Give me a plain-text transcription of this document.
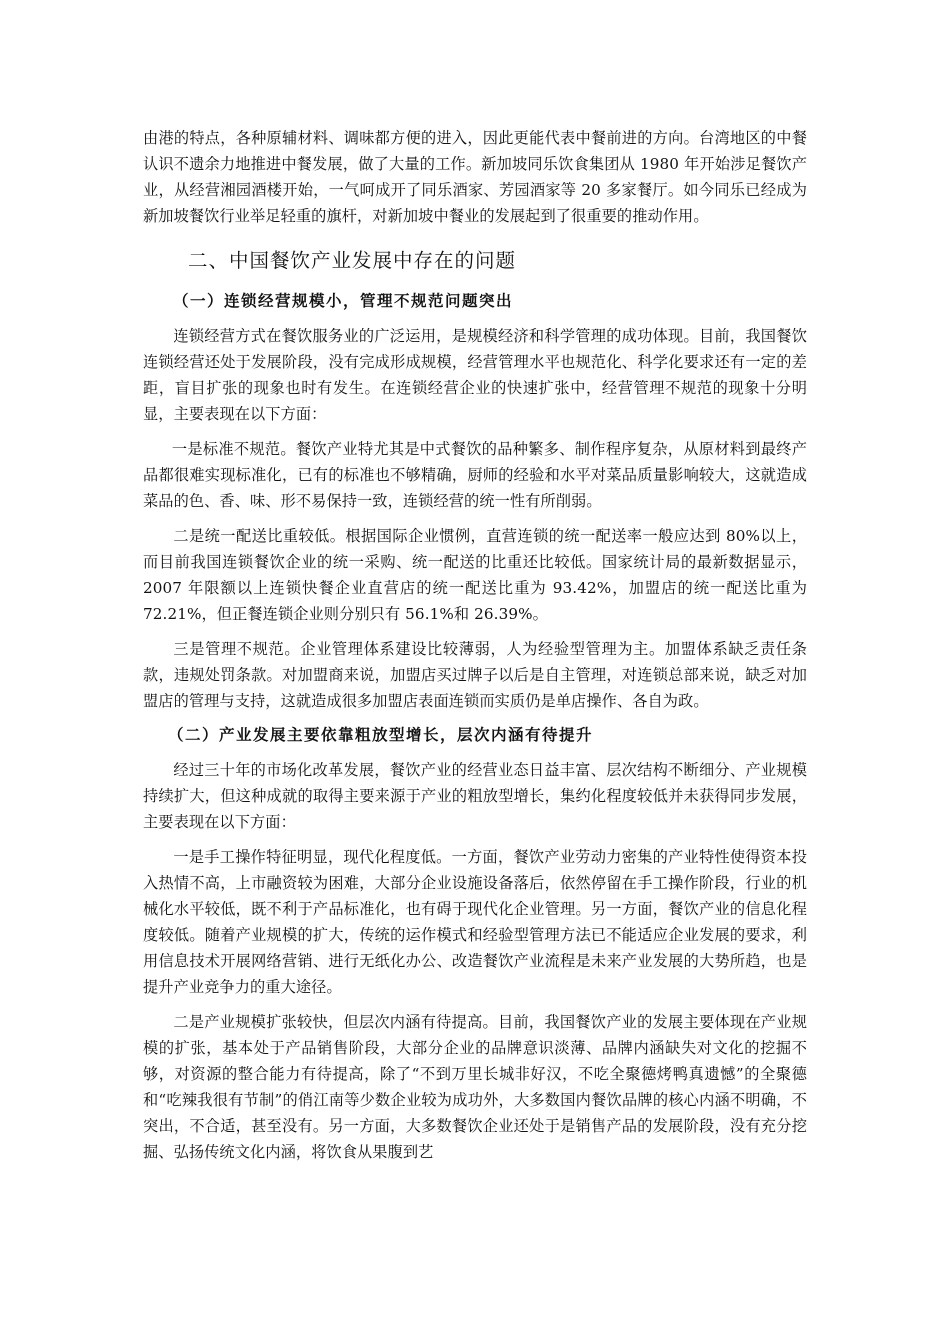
由港的特点，各种原辅材料、调味都方便的进入，因此更能代表中餐前进的方向。台湾地区的中餐认识不遗余力地推进中餐发展，做了大量的工作。新加坡同乐饮食集团从 1980 年开始涉足餐饮产业，从经营湘园酒楼开始，一气呵成开了同乐酒家、芳园酒家等 20 多家餐厅。如今同乐已经成为新加坡餐饮行业举足轻重的旗杆，对新加坡中餐业的发展起到了很重要的推动作用。

二、中国餐饮产业发展中存在的问题
（一）连锁经营规模小，管理不规范问题突出

连锁经营方式在餐饮服务业的广泛运用，是规模经济和科学管理的成功体现。目前，我国餐饮连锁经营还处于发展阶段，没有完成形成规模，经营管理水平也规范化、科学化要求还有一定的差距，盲目扩张的现象也时有发生。在连锁经营企业的快速扩张中，经营管理不规范的现象十分明显，主要表现在以下方面：

一是标准不规范。餐饮产业特尤其是中式餐饮的品种繁多、制作程序复杂，从原材料到最终产品都很难实现标准化，已有的标准也不够精确，厨师的经验和水平对菜品质量影响较大，这就造成菜品的色、香、味、形不易保持一致，连锁经营的统一性有所削弱。

二是统一配送比重较低。根据国际企业惯例，直营连锁的统一配送率一般应达到 80%以上，而目前我国连锁餐饮企业的统一采购、统一配送的比重还比较低。国家统计局的最新数据显示，2007 年限额以上连锁快餐企业直营店的统一配送比重为 93.42%，加盟店的统一配送比重为 72.21%，但正餐连锁企业则分别只有 56.1%和 26.39%。

三是管理不规范。企业管理体系建设比较薄弱，人为经验型管理为主。加盟体系缺乏责任条款，违规处罚条款。对加盟商来说，加盟店买过牌子以后是自主管理，对连锁总部来说，缺乏对加盟店的管理与支持，这就造成很多加盟店表面连锁而实质仍是单店操作、各自为政。

（二）产业发展主要依靠粗放型增长，层次内涵有待提升

经过三十年的市场化改革发展，餐饮产业的经营业态日益丰富、层次结构不断细分、产业规模持续扩大，但这种成就的取得主要来源于产业的粗放型增长，集约化程度较低并未获得同步发展，主要表现在以下方面：

一是手工操作特征明显，现代化程度低。一方面，餐饮产业劳动力密集的产业特性使得资本投入热情不高，上市融资较为困难，大部分企业设施设备落后，依然停留在手工操作阶段，行业的机械化水平较低，既不利于产品标准化，也有碍于现代化企业管理。另一方面，餐饮产业的信息化程度较低。随着产业规模的扩大，传统的运作模式和经验型管理方法已不能适应企业发展的要求，利用信息技术开展网络营销、进行无纸化办公、改造餐饮产业流程是未来产业发展的大势所趋，也是提升产业竞争力的重大途径。

二是产业规模扩张较快，但层次内涵有待提高。目前，我国餐饮产业的发展主要体现在产业规模的扩张，基本处于产品销售阶段，大部分企业的品牌意识淡薄、品牌内涵缺失对文化的挖掘不够，对资源的整合能力有待提高，除了“不到万里长城非好汉，不吃全聚德烤鸭真遗憾”的全聚德和“吃辣我很有节制”的俏江南等少数企业较为成功外，大多数国内餐饮品牌的核心内涵不明确，不突出，不合适，甚至没有。另一方面，大多数餐饮企业还处于是销售产品的发展阶段，没有充分挖掘、弘扬传统文化内涵，将饮食从果腹到艺
